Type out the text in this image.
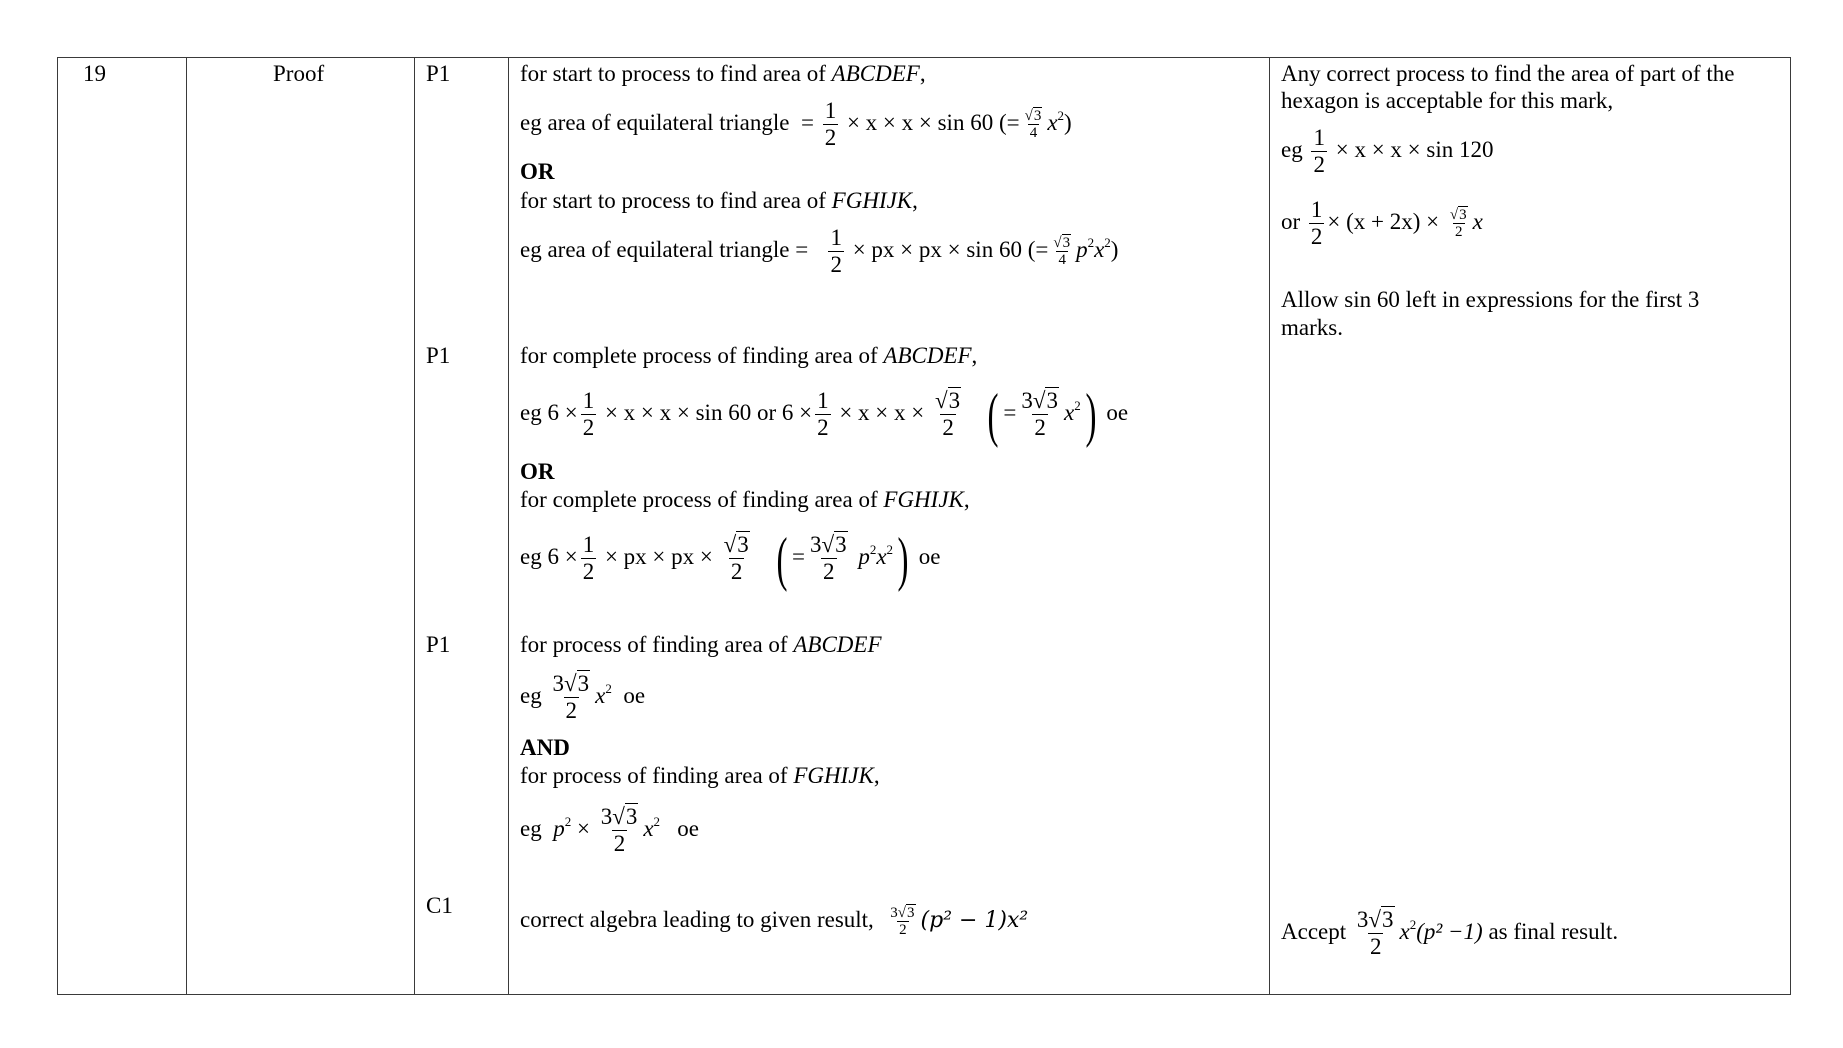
19	Proof	P1
P1
P1
C1
for start to process to find area of ABCDEF,
eg area of equilateral triangle = $\frac{1}{2} \times x \times x \times \sin 60$ (= $\frac{√3}{4} x^2$)
OR
for start to process to find area of FGHIJK,
eg area of equilateral triangle = $\frac{1}{2}$ × px × px × sin 60 (= $\frac{√3}{4} p^2x^2$)
for complete process of finding area of ABCDEF,
eg $6 \times \frac{1}{2} \times x \times x \times \sin 60$ or $6 \times \frac{1}{2} \times x \times x \times \frac{√3}{2}$ ( = $\frac{3√3}{2} x^2$) oe
OR
for complete process of finding area of FGHIJK,
eg $6 \times \frac{1}{2}$ × px × px × $\frac{√3}{2}$ ( = $\frac{3√3}{2} p^2x^2$) oe
for process of finding area of ABCDEF
eg $\frac{3√3}{2} x^2$ oe
AND
for process of finding area of FGHIJK,
eg $p^2 \times \frac{3√3}{2} x^2$ oe
correct algebra leading to given result, $\frac{3√3}{2} (p^2 - 1)x^2$
Any correct process to find the area of part of the
hexagon is acceptable for this mark,
eg $\frac{1}{2} \times x \times x \times \sin 120$
or $\frac{1}{2} \times (x + 2x) \times \frac{√3}{2}$ x
Allow sin 60 left in expressions for the first 3
marks.
Accept $\frac{3√3}{2} x^2(p^2 -1)$ as final result.
